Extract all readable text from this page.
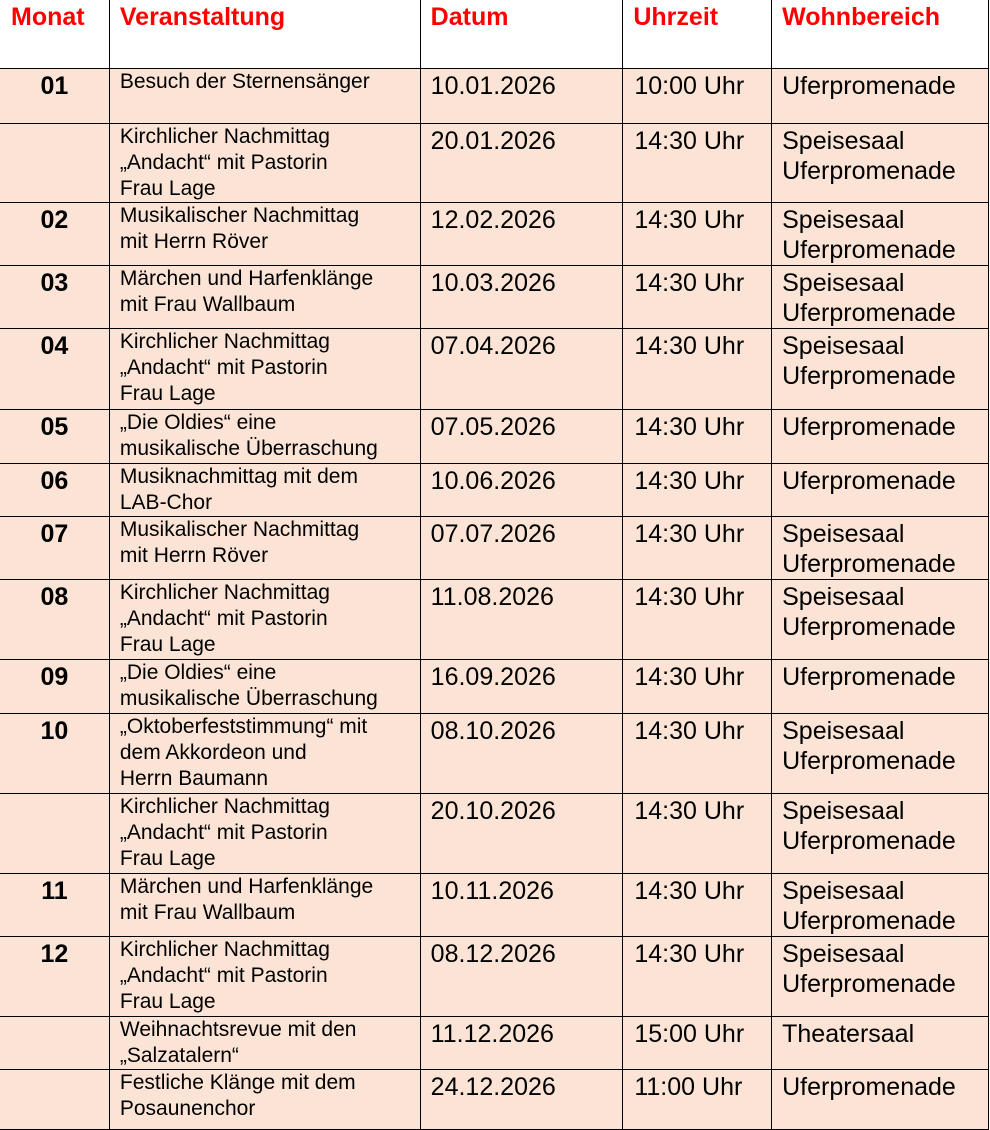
Monat	Veranstaltung	Datum	Uhrzeit	Wohnbereich
01	Besuch der Sternensänger	10.01.2026	10:00 Uhr	Uferpromenade

	Kirchlicher Nachmittag
„Andacht“ mit Pastorin
Frau Lage	20.01.2026	14:30 Uhr	Speisesaal
Uferpromenade

02	Musikalischer Nachmittag
mit Herrn Röver	12.02.2026	14:30 Uhr	Speisesaal
Uferpromenade

03	Märchen und Harfenklänge
mit Frau Wallbaum	10.03.2026	14:30 Uhr	Speisesaal
Uferpromenade

04	Kirchlicher Nachmittag
„Andacht“ mit Pastorin
Frau Lage	07.04.2026	14:30 Uhr	Speisesaal
Uferpromenade

05	„Die Oldies“ eine
musikalische Überraschung	07.05.2026	14:30 Uhr	Uferpromenade

06	Musiknachmittag mit dem
LAB-Chor	10.06.2026	14:30 Uhr	Uferpromenade

07	Musikalischer Nachmittag
mit Herrn Röver	07.07.2026	14:30 Uhr	Speisesaal
Uferpromenade

08	Kirchlicher Nachmittag
„Andacht“ mit Pastorin
Frau Lage	11.08.2026	14:30 Uhr	Speisesaal
Uferpromenade

09	„Die Oldies“ eine
musikalische Überraschung	16.09.2026	14:30 Uhr	Uferpromenade

10	„Oktoberfeststimmung“ mit
dem Akkordeon und
Herrn Baumann	08.10.2026	14:30 Uhr	Speisesaal
Uferpromenade

	Kirchlicher Nachmittag
„Andacht“ mit Pastorin
Frau Lage	20.10.2026	14:30 Uhr	Speisesaal
Uferpromenade

11	Märchen und Harfenklänge
mit Frau Wallbaum	10.11.2026	14:30 Uhr	Speisesaal
Uferpromenade

12	Kirchlicher Nachmittag
„Andacht“ mit Pastorin
Frau Lage	08.12.2026	14:30 Uhr	Speisesaal
Uferpromenade

	Weihnachtsrevue mit den
„Salzatalern“	11.12.2026	15:00 Uhr	Theatersaal

	Festliche Klänge mit dem
Posaunenchor	24.12.2026	11:00 Uhr	Uferpromenade
